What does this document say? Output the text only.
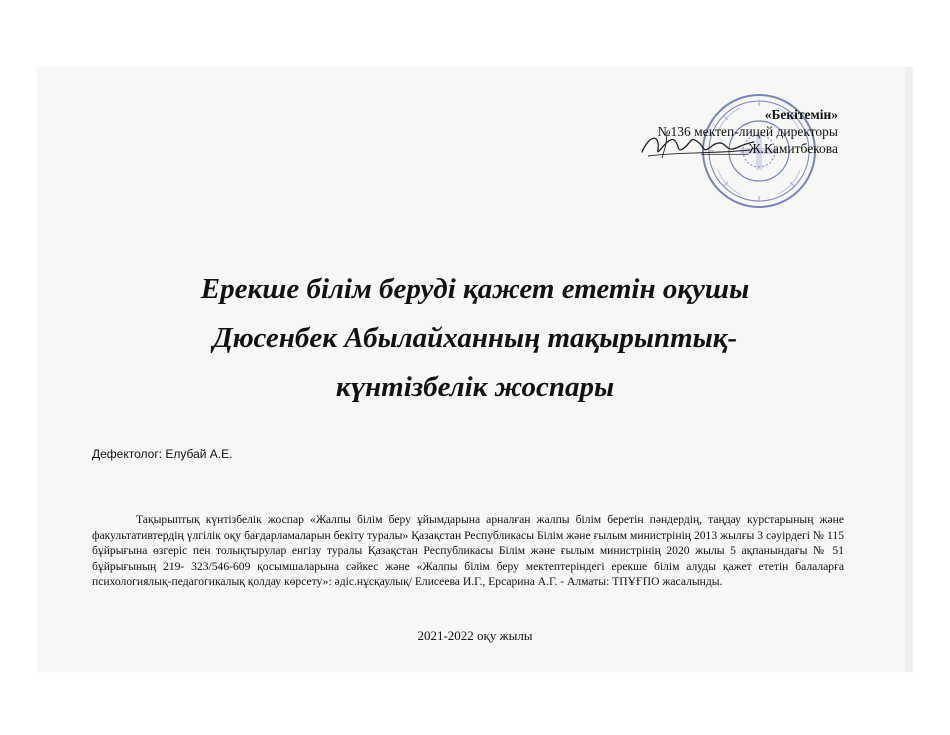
«Бекітемін»
№136 мектеп-лицей директоры
_______Ж.Камитбекова
Ерекше білім беруді қажет ететін оқушы
Дюсенбек Абылайханның тақырыптық-
күнтізбелік жоспары
Дефектолог: Елубай А.Е.
Тақырыптық күнтізбелік жоспар «Жалпы білім беру ұйымдарына арналған жалпы білім беретін пәндердің, таңдау курстарының және факультативтердің үлгілік оқу бағдарламаларын бекіту туралы» Қазақстан Республикасы Білім және ғылым министрінің 2013 жылғы 3 сәуірдегі № 115 бұйрығына өзгеріс пен толықтырулар енгізу туралы Қазақстан Республикасы Білім және ғылым министрінің 2020 жылы 5 ақпанындағы № 51 бұйрығының 219- 323/546-609 қосымшаларына сәйкес және «Жалпы білім беру мектептеріндегі ерекше білім алуды қажет ететін балаларға психологиялық-педагогикалық қолдау көрсету»: әдіс.нұсқаулық/ Елисеева И.Г., Ерсарина А.Г. - Алматы: ТПҰҒПО жасалынды.
2021-2022 оқу жылы
